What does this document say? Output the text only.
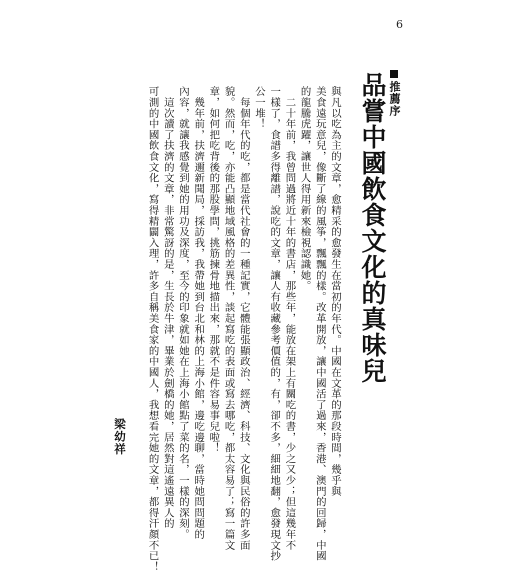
6
推薦序
品嘗中國飲食文化的真味兒
梁幼祥	與凡以吃為主的文章，愈精采的愈發生在當初的年代。中國在文革的那段時間，幾乎與

美食遠玩意兒，像斷了線的風筝，飄飄的樣。改革開放，讓中國活了過來，香港、澳門的回歸，中國

的龍騰虎躍，讓世人得用新來檢視認識她。

　二十年前，我曾問過將近十年的書店，那些年，能放在架上有關吃的書，少之又少；但這幾年不

一樣了，食譜多得離譜，說吃的文章，讓人有收藏參考價值的，有，卻不多，細細地翻，愈發現文抄

公一堆！

　每個年代的吃，都是當代社會的一種記實，它體能張顯政治、經濟、科技、文化與民俗的許多面

貌。然而，吃，亦能凸顯地域風格的差異性，談起寫吃的表面或寫去哪吃，都太容易了；寫一篇文

章，如何把吃背後的那股學問，挑筋揀骨地描出來，那就不是件容易事兒啦！

　幾年前，扶濟邇新聞局，採訪我，我帶她到台北和林的上海小館，邊吃邊聊，當時她問問題的

內容，就讓我感覺到她的用功及深度，至今的印象就如她在上海小館點了菜的名，一樣的深刻。

　這次讀了扶濟的文章，非常驚訝的是，生長於牛津，畢業於劍橋的她，居然對這遙遠異人的

可測的中國飲食文化，寫得精闢入理，許多自稱美食家的中國人，我想看完她的文章，都得汗顏不已！
